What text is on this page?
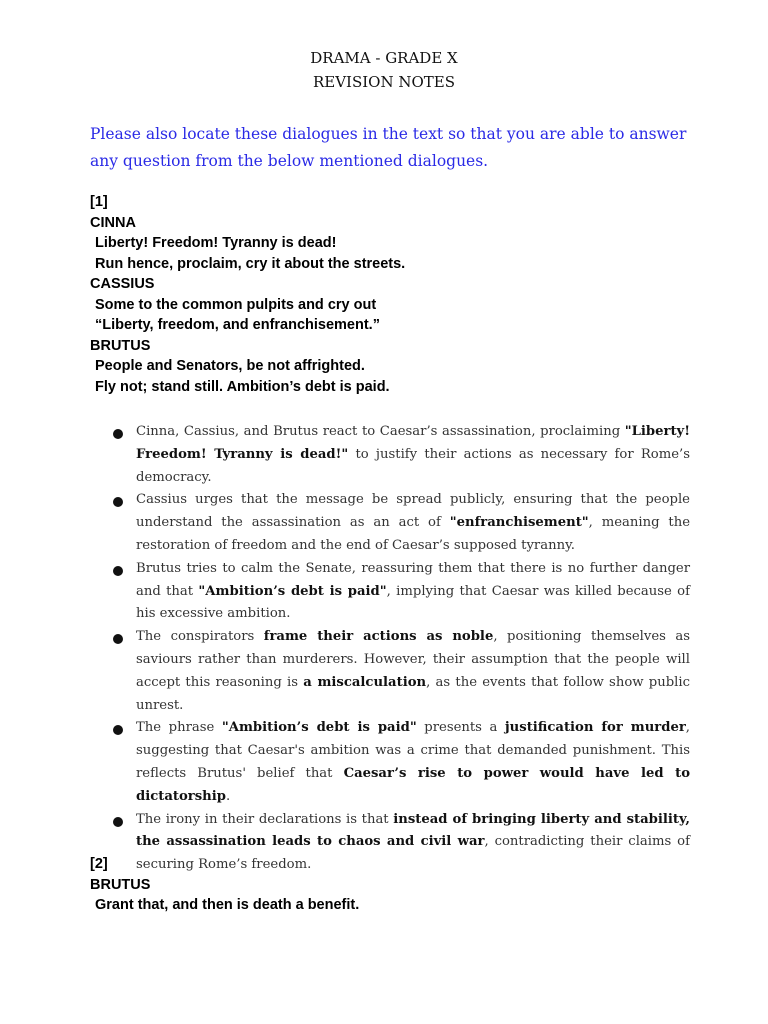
DRAMA - GRADE X
REVISION NOTES
Please also locate these dialogues in the text so that you are able to answer any question from the below mentioned dialogues.
[1]
CINNA
Liberty! Freedom! Tyranny is dead!
Run hence, proclaim, cry it about the streets.
CASSIUS
Some to the common pulpits and cry out
“Liberty, freedom, and enfranchisement.”
BRUTUS
People and Senators, be not affrighted.
Fly not; stand still. Ambition’s debt is paid.
Cinna, Cassius, and Brutus react to Caesar’s assassination, proclaiming "Liberty! Freedom! Tyranny is dead!" to justify their actions as necessary for Rome’s democracy.
Cassius urges that the message be spread publicly, ensuring that the people understand the assassination as an act of "enfranchisement", meaning the restoration of freedom and the end of Caesar’s supposed tyranny.
Brutus tries to calm the Senate, reassuring them that there is no further danger and that "Ambition’s debt is paid", implying that Caesar was killed because of his excessive ambition.
The conspirators frame their actions as noble, positioning themselves as saviours rather than murderers. However, their assumption that the people will accept this reasoning is a miscalculation, as the events that follow show public unrest.
The phrase "Ambition’s debt is paid" presents a justification for murder, suggesting that Caesar's ambition was a crime that demanded punishment. This reflects Brutus' belief that Caesar’s rise to power would have led to dictatorship.
The irony in their declarations is that instead of bringing liberty and stability, the assassination leads to chaos and civil war, contradicting their claims of securing Rome’s freedom.
[2]
BRUTUS
Grant that, and then is death a benefit.
